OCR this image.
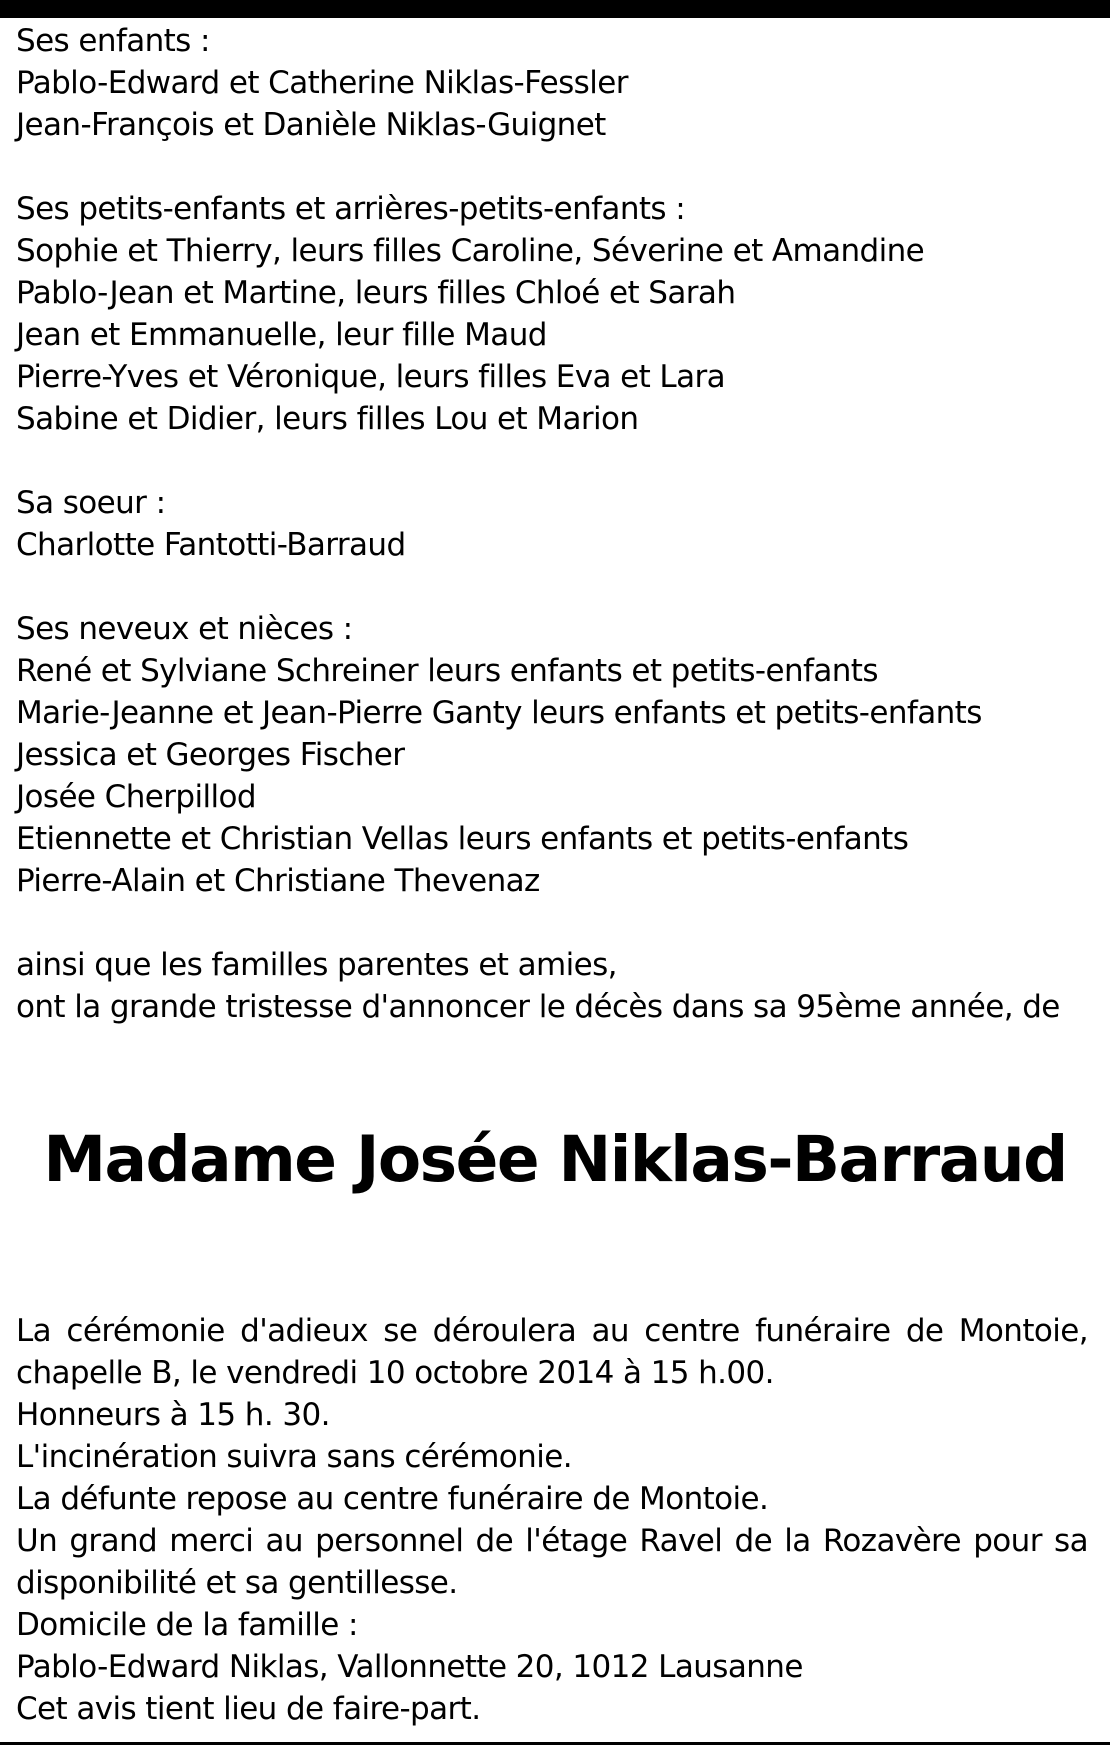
Ses enfants :
Pablo-Edward et Catherine Niklas-Fessler
Jean-François et Danièle Niklas-Guignet
Ses petits-enfants et arrières-petits-enfants :
Sophie et Thierry, leurs filles Caroline, Séverine et Amandine
Pablo-Jean et Martine, leurs filles Chloé et Sarah
Jean et Emmanuelle, leur fille Maud
Pierre-Yves et Véronique, leurs filles Eva et Lara
Sabine et Didier, leurs filles Lou et Marion
Sa soeur :
Charlotte Fantotti-Barraud
Ses neveux et nièces :
René et Sylviane Schreiner leurs enfants et petits-enfants
Marie-Jeanne et Jean-Pierre Ganty leurs enfants et petits-enfants
Jessica et Georges Fischer
Josée Cherpillod
Etiennette et Christian Vellas leurs enfants et petits-enfants
Pierre-Alain et Christiane Thevenaz
ainsi que les familles parentes et amies,
ont la grande tristesse d'annoncer le décès dans sa 95ème année, de
Madame Josée Niklas-Barraud
La cérémonie d'adieux se déroulera au centre funéraire de Montoie, chapelle B, le vendredi 10 octobre 2014 à 15 h.00.
Honneurs à 15 h. 30.
L'incinération suivra sans cérémonie.
La défunte repose au centre funéraire de Montoie.
Un grand merci au personnel de l'étage Ravel de la Rozavère pour sa disponibilité et sa gentillesse.
Domicile de la famille :
Pablo-Edward Niklas, Vallonnette 20, 1012 Lausanne
Cet avis tient lieu de faire-part.
